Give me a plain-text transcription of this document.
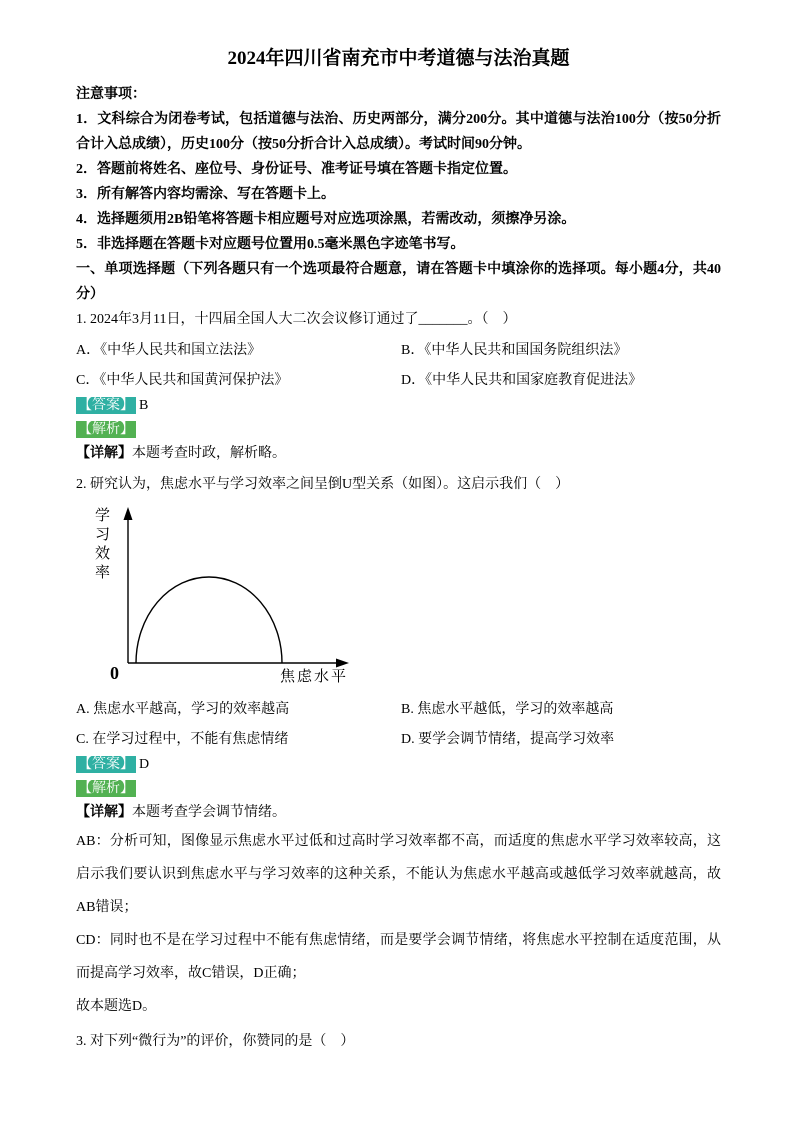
2024年四川省南充市中考道德与法治真题

注意事项：

1．文科综合为闭卷考试，包括道德与法治、历史两部分，满分200分。其中道德与法治100分（按50分折合计入总成绩），历史100分（按50分折合计入总成绩）。考试时间90分钟。

2．答题前将姓名、座位号、身份证号、准考证号填在答题卡指定位置。

3．所有解答内容均需涂、写在答题卡上。

4．选择题须用2B铅笔将答题卡相应题号对应选项涂黑，若需改动，须擦净另涂。

5．非选择题在答题卡对应题号位置用0.5毫米黑色字迹笔书写。

一、单项选择题（下列各题只有一个选项最符合题意，请在答题卡中填涂你的选择项。每小题4分，共40分）

1. 2024年3月11日，十四届全国人大二次会议修订通过了_______。（　）

A．《中华人民共和国立法法》	B．《中华人民共和国国务院组织法》
C．《中华人民共和国黄河保护法》	D．《中华人民共和国家庭教育促进法》

【答案】 B

【解析】

【详解】本题考查时政，解析略。

2. 研究认为，焦虑水平与学习效率之间呈倒U型关系（如图）。这启示我们（　）

学习效率
0	焦虑水平
A. 焦虑水平越高，学习的效率越高	B. 焦虑水平越低，学习的效率越高
C. 在学习过程中，不能有焦虑情绪	D. 要学会调节情绪，提高学习效率

【答案】 D

【解析】

【详解】本题考查学会调节情绪。

AB：分析可知，图像显示焦虑水平过低和过高时学习效率都不高，而适度的焦虑水平学习效率较高，这启示我们要认识到焦虑水平与学习效率的这种关系，不能认为焦虑水平越高或越低学习效率就越高，故AB错误；

CD：同时也不是在学习过程中不能有焦虑情绪，而是要学会调节情绪，将焦虑水平控制在适度范围，从而提高学习效率，故C错误，D正确；

故本题选D。

3. 对下列“微行为”的评价，你赞同的是（　）
